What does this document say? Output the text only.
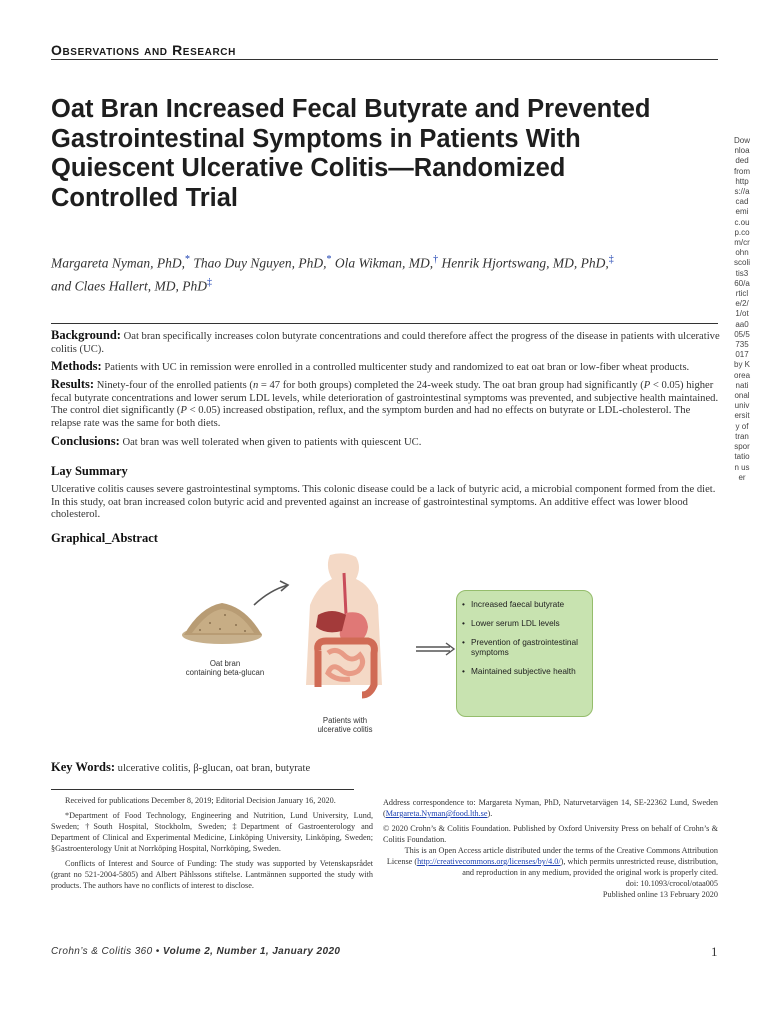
Observations and Research
Oat Bran Increased Fecal Butyrate and Prevented Gastrointestinal Symptoms in Patients With Quiescent Ulcerative Colitis—Randomized Controlled Trial
Margareta Nyman, PhD,* Thao Duy Nguyen, PhD,* Ola Wikman, MD,† Henrik Hjortswang, MD, PhD,‡
and Claes Hallert, MD, PhD‡
Background: Oat bran specifically increases colon butyrate concentrations and could therefore affect the progress of the disease in patients with ulcerative colitis (UC).
Methods: Patients with UC in remission were enrolled in a controlled multicenter study and randomized to eat oat bran or low-fiber wheat products.
Results: Ninety-four of the enrolled patients (n = 47 for both groups) completed the 24-week study. The oat bran group had significantly (P < 0.05) higher fecal butyrate concentrations and lower serum LDL levels, while deterioration of gastrointestinal symptoms was prevented, and subjective health maintained. The control diet significantly (P < 0.05) increased obstipation, reflux, and the symptom burden and had no effects on butyrate or LDL-cholesterol. The relapse rate was the same for both diets.
Conclusions: Oat bran was well tolerated when given to patients with quiescent UC.
Lay Summary
Ulcerative colitis causes severe gastrointestinal symptoms. This colonic disease could be a lack of butyric acid, a microbial component formed from the diet. In this study, oat bran increased colon butyric acid and prevented against an increase of gastrointestinal symptoms. An additive effect was lower blood cholesterol.
Graphical_Abstract
Oat bran
containing beta-glucan
Patients with
ulcerative colitis
• Increased faecal butyrate
• Lower serum LDL levels
• Prevention of gastrointestinal symptoms
• Maintained subjective health
Key Words: ulcerative colitis, β-glucan, oat bran, butyrate

Received for publications December 8, 2019; Editorial Decision January 16, 2020.

*Department of Food Technology, Engineering and Nutrition, Lund University, Lund, Sweden; †South Hospital, Stockholm, Sweden; ‡Department of Gastroenterology and Department of Clinical and Experimental Medicine, Linköping University, Linköping, Sweden; §Gastroenterology Unit at Norrköping Hospital, Norrköping, Sweden.

Conflicts of Interest and Source of Funding: The study was supported by Vetenskapsrådet (grant no 521-2004-5805) and Albert Påhlssons stiftelse. Lantmännen supported the study with products. The authors have no conflicts of interest to disclose.

Address correspondence to: Margareta Nyman, PhD, Naturvetarvägen 14, SE-22362 Lund, Sweden (Margareta.Nyman@food.lth.se).

© 2020 Crohn’s & Colitis Foundation. Published by Oxford University Press on behalf of Crohn’s & Colitis Foundation.

This is an Open Access article distributed under the terms of the Creative Commons Attribution License (http://creativecommons.org/licenses/by/4.0/), which permits unrestricted reuse, distribution, and reproduction in any medium, provided the original work is properly cited.

doi: 10.1093/crocol/otaa005

Published online 13 February 2020

Crohn’s & Colitis 360 • Volume 2, Number 1, January 2020	1
Downloaded from https://academic.oup.com/crohnscolitis360/article/2/1/otaa005/5735017 by Korea national university of transportation user
